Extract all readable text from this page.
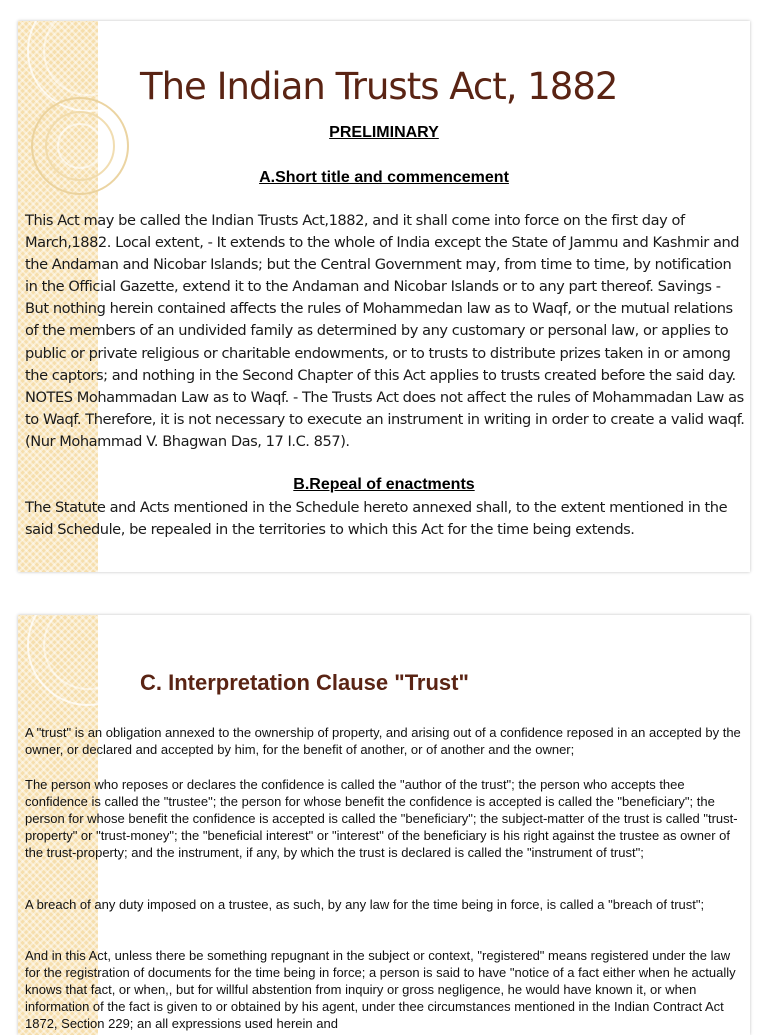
The Indian Trusts Act, 1882
PRELIMINARY
A.Short title and commencement

This Act may be called the Indian Trusts Act,1882, and it shall come into force on the first day of March,1882. Local extent, - It extends to the whole of India except the State of Jammu and Kashmir and the Andaman and Nicobar Islands; but the Central Government may, from time to time, by notification in the Official Gazette, extend it to the Andaman and Nicobar Islands or to any part thereof. Savings - But nothing herein contained affects the rules of Mohammedan law as to Waqf, or the mutual relations of the members of an undivided family as determined by any customary or personal law, or applies to public or private religious or charitable endowments, or to trusts to distribute prizes taken in or among the captors; and nothing in the Second Chapter of this Act applies to trusts created before the said day. NOTES Mohammadan Law as to Waqf. - The Trusts Act does not affect the rules of Mohammadan Law as to Waqf. Therefore, it is not necessary to execute an instrument in writing in order to create a valid waqf. (Nur Mohammad V. Bhagwan Das, 17 I.C. 857).

B.Repeal of enactments

The Statute and Acts mentioned in the Schedule hereto annexed shall, to the extent mentioned in the said Schedule, be repealed in the territories to which this Act for the time being extends.

C. Interpretation Clause "Trust"

A "trust" is an obligation annexed to the ownership of property, and arising out of a confidence reposed in an accepted by the owner, or declared and accepted by him, for the benefit of another, or of another and the owner;

The person who reposes or declares the confidence is called the "author of the trust"; the person who accepts thee confidence is called the "trustee"; the person for whose benefit the confidence is accepted is called the "beneficiary"; the person for whose benefit the confidence is accepted is called the "beneficiary"; the subject-matter of the trust is called "trust-property" or "trust-money"; the "beneficial interest" or "interest" of the beneficiary is his right against the trustee as owner of the trust-property; and the instrument, if any, by which the trust is declared is called the "instrument of trust";

A breach of any duty imposed on a trustee, as such, by any law for the time being in force, is called a "breach of trust";

And in this Act, unless there be something repugnant in the subject or context, "registered" means registered under the law for the registration of documents for the time being in force; a person is said to have "notice of a fact either when he actually knows that fact, or when,, but for willful abstention from inquiry or gross negligence, he would have known it, or when information of the fact is given to or obtained by his agent, under thee circumstances mentioned in the Indian Contract Act 1872, Section 229; an all expressions used herein and
